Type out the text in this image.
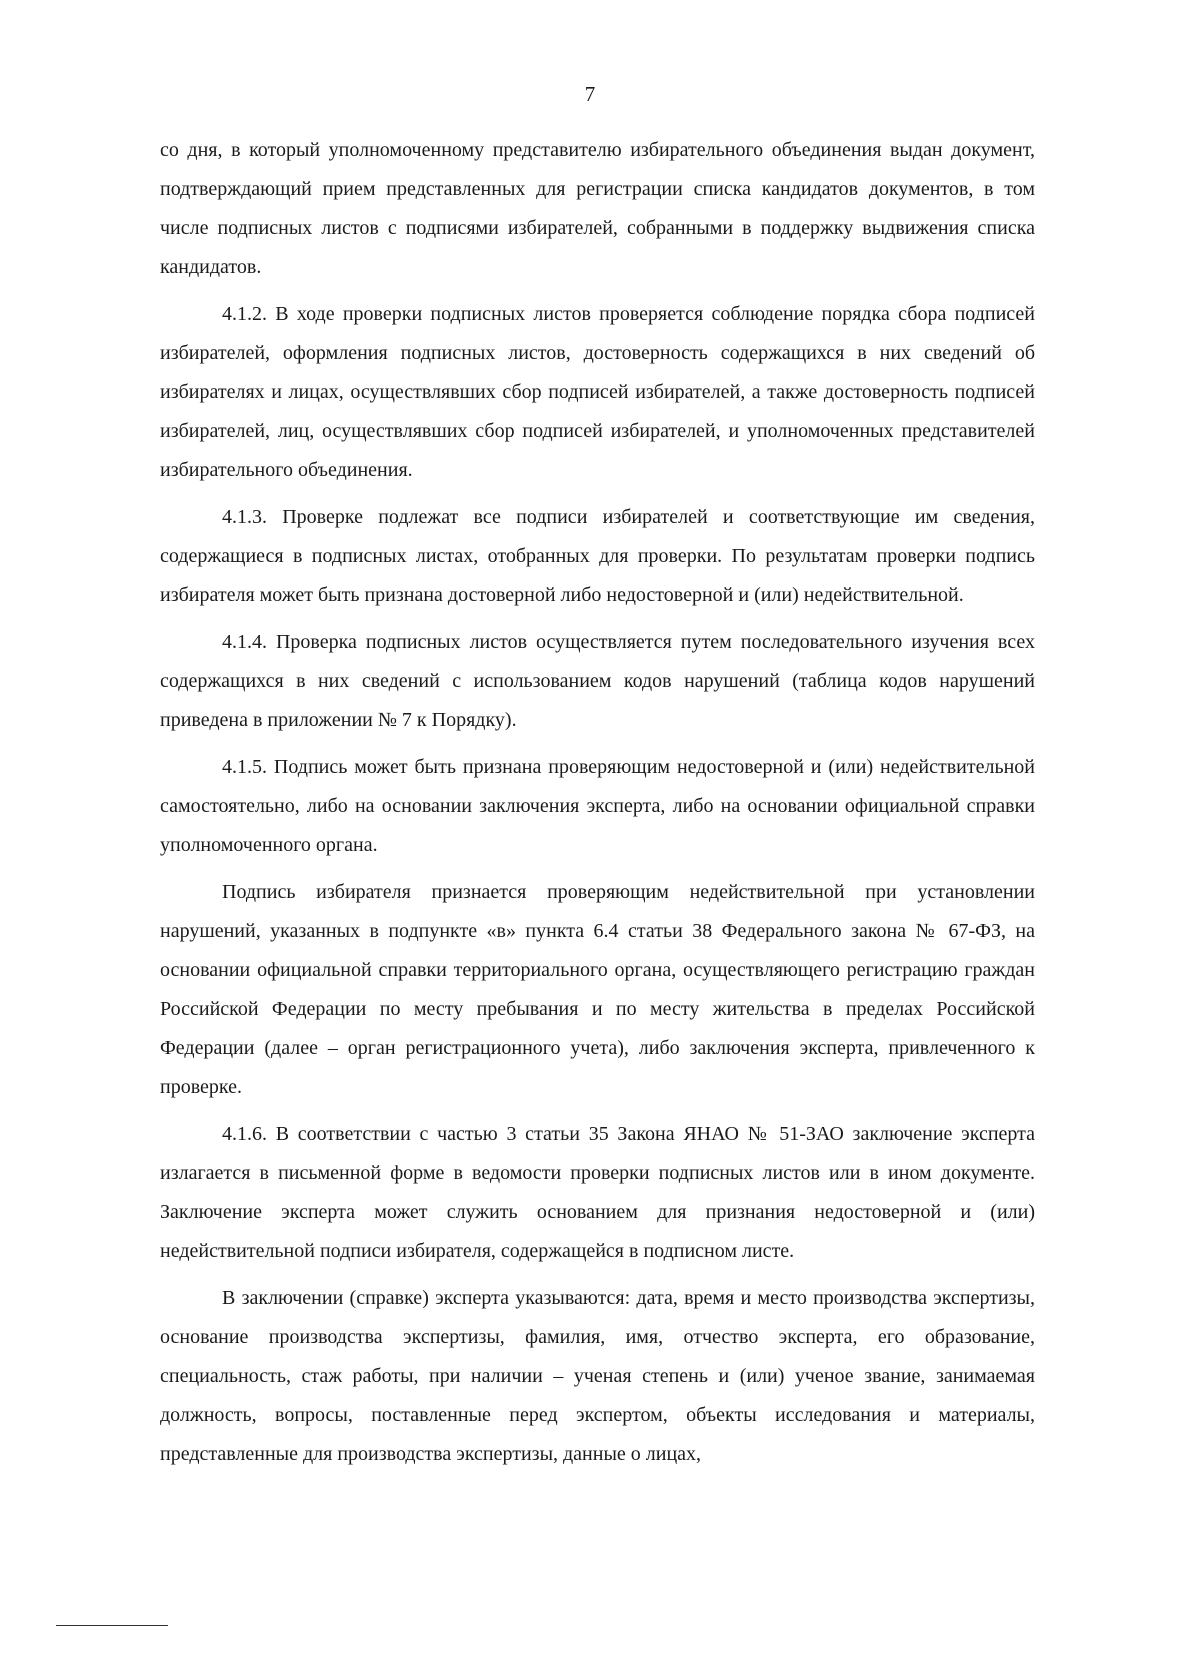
7

со дня, в который уполномоченному представителю избирательного объединения выдан документ, подтверждающий прием представленных для регистрации списка кандидатов документов, в том числе подписных листов с подписями избирателей, собранными в поддержку выдвижения списка кандидатов.

4.1.2. В ходе проверки подписных листов проверяется соблюдение порядка сбора подписей избирателей, оформления подписных листов, достоверность содержащихся в них сведений об избирателях и лицах, осуществлявших сбор подписей избирателей, а также достоверность подписей избирателей, лиц, осуществлявших сбор подписей избирателей, и уполномоченных представителей избирательного объединения.

4.1.3. Проверке подлежат все подписи избирателей и соответствующие им сведения, содержащиеся в подписных листах, отобранных для проверки. По результатам проверки подпись избирателя может быть признана достоверной либо недостоверной и (или) недействительной.

4.1.4. Проверка подписных листов осуществляется путем последовательного изучения всех содержащихся в них сведений с использованием кодов нарушений (таблица кодов нарушений приведена в приложении № 7 к Порядку).

4.1.5. Подпись может быть признана проверяющим недостоверной и (или) недействительной самостоятельно, либо на основании заключения эксперта, либо на основании официальной справки уполномоченного органа.

Подпись избирателя признается проверяющим недействительной при установлении нарушений, указанных в подпункте «в» пункта 6.4 статьи 38 Федерального закона № 67-ФЗ, на основании официальной справки территориального органа, осуществляющего регистрацию граждан Российской Федерации по месту пребывания и по месту жительства в пределах Российской Федерации (далее – орган регистрационного учета), либо заключения эксперта, привлеченного к проверке.

4.1.6. В соответствии с частью 3 статьи 35 Закона ЯНАО № 51-ЗАО заключение эксперта излагается в письменной форме в ведомости проверки подписных листов или в ином документе. Заключение эксперта может служить основанием для признания недостоверной и (или) недействительной подписи избирателя, содержащейся в подписном листе.

В заключении (справке) эксперта указываются: дата, время и место производства экспертизы, основание производства экспертизы, фамилия, имя, отчество эксперта, его образование, специальность, стаж работы, при наличии – ученая степень и (или) ученое звание, занимаемая должность, вопросы, поставленные перед экспертом, объекты исследования и материалы, представленные для производства экспертизы, данные о лицах,
